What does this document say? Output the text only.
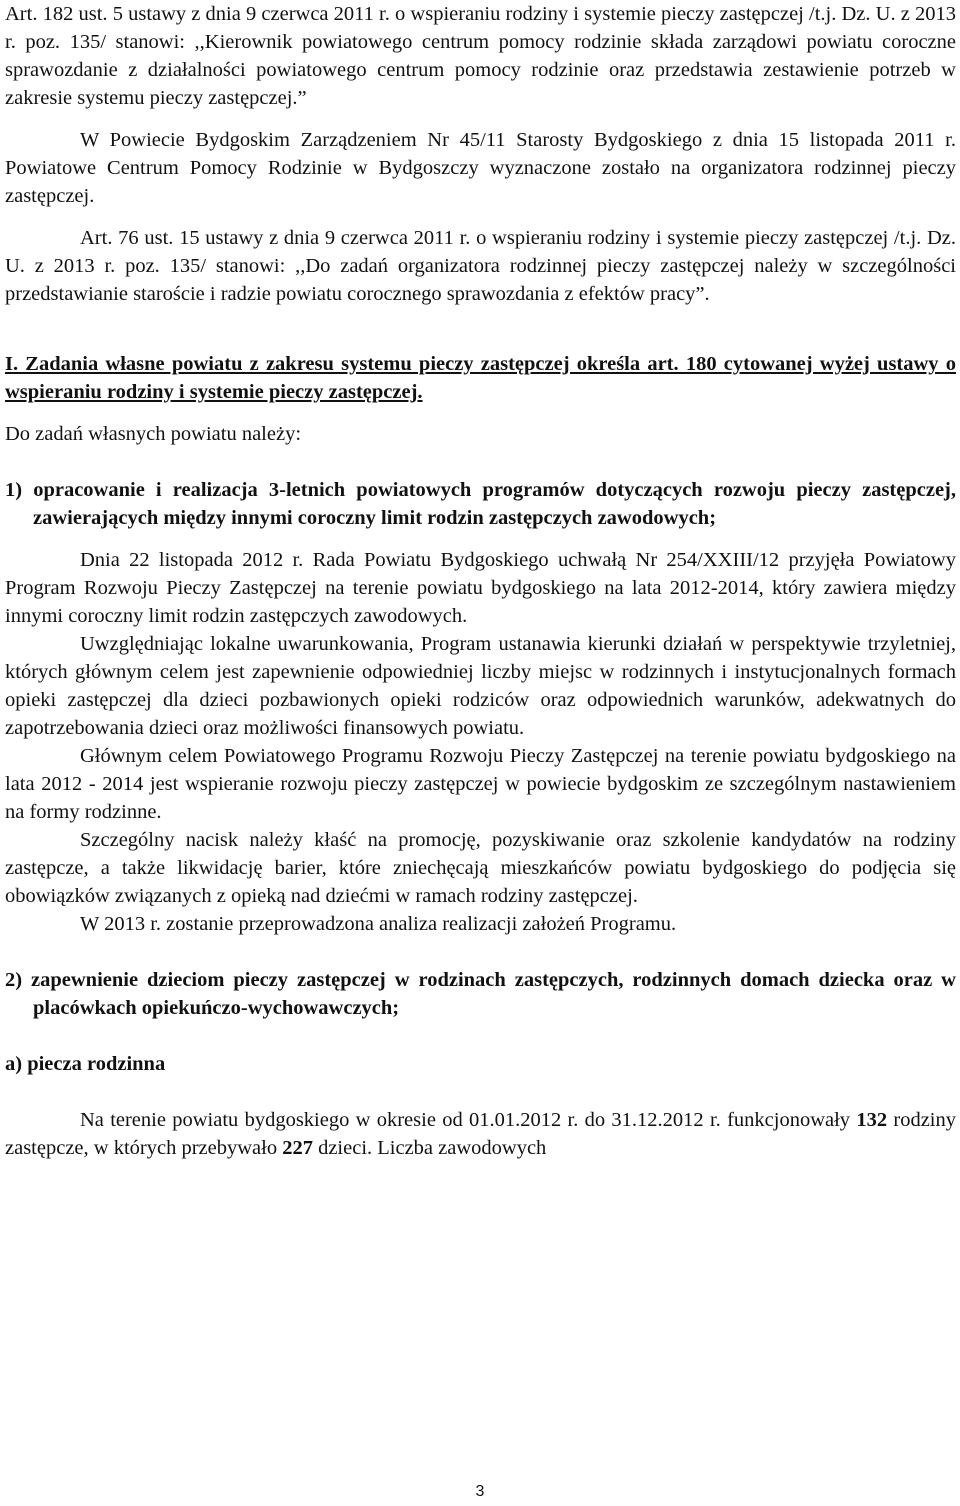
Art. 182 ust. 5 ustawy z dnia 9 czerwca 2011 r. o wspieraniu rodziny i systemie pieczy zastępczej /t.j. Dz. U. z 2013 r. poz. 135/ stanowi: ,,Kierownik powiatowego centrum pomocy rodzinie składa zarządowi powiatu coroczne sprawozdanie z działalności powiatowego centrum pomocy rodzinie oraz przedstawia zestawienie potrzeb w zakresie systemu pieczy zastępczej.”

W Powiecie Bydgoskim Zarządzeniem Nr 45/11 Starosty Bydgoskiego z dnia 15 listopada 2011 r. Powiatowe Centrum Pomocy Rodzinie w Bydgoszczy wyznaczone zostało na organizatora rodzinnej pieczy zastępczej.

Art. 76 ust. 15 ustawy z dnia 9 czerwca 2011 r. o wspieraniu rodziny i systemie pieczy zastępczej /t.j. Dz. U. z 2013 r. poz. 135/ stanowi: ,,Do zadań organizatora rodzinnej pieczy zastępczej należy w szczególności przedstawianie staroście i radzie powiatu corocznego sprawozdania z efektów pracy”.

I. Zadania własne powiatu z zakresu systemu pieczy zastępczej określa art. 180 cytowanej wyżej ustawy o wspieraniu rodziny i systemie pieczy zastępczej.

Do zadań własnych powiatu należy:

1) opracowanie i realizacja 3-letnich powiatowych programów dotyczących rozwoju pieczy zastępczej, zawierających między innymi coroczny limit rodzin zastępczych zawodowych;

Dnia 22 listopada 2012 r. Rada Powiatu Bydgoskiego uchwałą Nr 254/XXIII/12 przyjęła Powiatowy Program Rozwoju Pieczy Zastępczej na terenie powiatu bydgoskiego na lata 2012-2014, który zawiera między innymi coroczny limit rodzin zastępczych zawodowych.

Uwzględniając lokalne uwarunkowania, Program ustanawia kierunki działań w perspektywie trzyletniej, których głównym celem jest zapewnienie odpowiedniej liczby miejsc w rodzinnych i instytucjonalnych formach opieki zastępczej dla dzieci pozbawionych opieki rodziców oraz odpowiednich warunków, adekwatnych do zapotrzebowania dzieci oraz możliwości finansowych powiatu.

Głównym celem Powiatowego Programu Rozwoju Pieczy Zastępczej na terenie powiatu bydgoskiego na lata 2012 - 2014 jest wspieranie rozwoju pieczy zastępczej w powiecie bydgoskim ze szczególnym nastawieniem na formy rodzinne.

Szczególny nacisk należy kłaść na promocję, pozyskiwanie oraz szkolenie kandydatów na rodziny zastępcze, a także likwidację barier, które zniechęcają mieszkańców powiatu bydgoskiego do podjęcia się obowiązków związanych z opieką nad dziećmi w ramach rodziny zastępczej.

W 2013 r. zostanie przeprowadzona analiza realizacji założeń Programu.

2) zapewnienie dzieciom pieczy zastępczej w rodzinach zastępczych, rodzinnych domach dziecka oraz w placówkach opiekuńczo-wychowawczych;

a) piecza rodzinna

Na terenie powiatu bydgoskiego w okresie od 01.01.2012 r. do 31.12.2012 r. funkcjonowały 132 rodziny zastępcze, w których przebywało 227 dzieci. Liczba zawodowych

3
